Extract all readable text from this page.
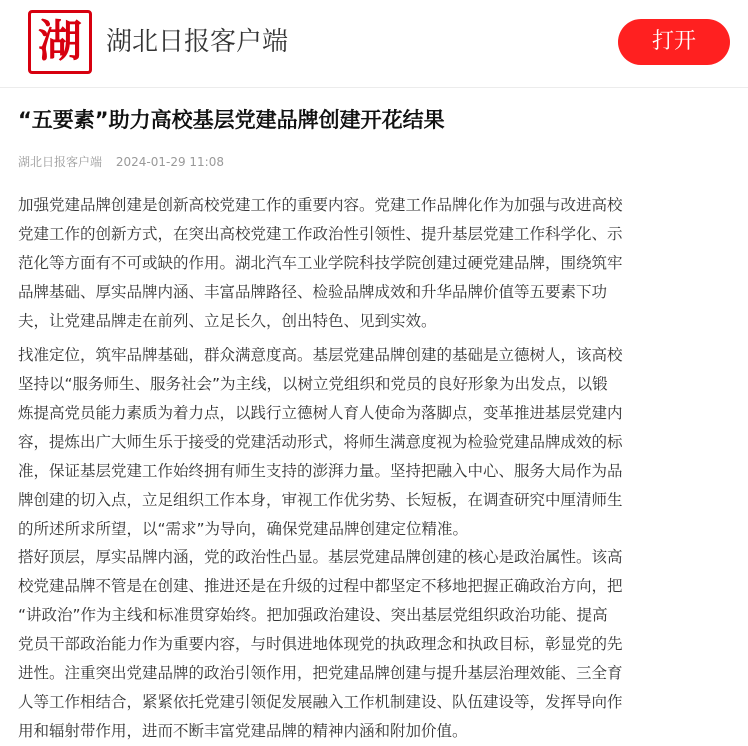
湖 湖北日报客户端	打开
“五要素”助力高校基层党建品牌创建开花结果
湖北日报客户端 2024-01-29 11:08
加强党建品牌创建是创新高校党建工作的重要内容。党建工作品牌化作为加强与改进高校
党建工作的创新方式，在突出高校党建工作政治性引领性、提升基层党建工作科学化、示
范化等方面有不可或缺的作用。湖北汽车工业学院科技学院创建过硬党建品牌，围绕筑牢
品牌基础、厚实品牌内涵、丰富品牌路径、检验品牌成效和升华品牌价值等五要素下功
夫，让党建品牌走在前列、立足长久，创出特色、见到实效。
找准定位，筑牢品牌基础，群众满意度高。基层党建品牌创建的基础是立德树人，该高校
坚持以“服务师生、服务社会”为主线，以树立党组织和党员的良好形象为出发点，以锻
炼提高党员能力素质为着力点，以践行立德树人育人使命为落脚点，变革推进基层党建内
容，提炼出广大师生乐于接受的党建活动形式，将师生满意度视为检验党建品牌成效的标
准，保证基层党建工作始终拥有师生支持的澎湃力量。坚持把融入中心、服务大局作为品
牌创建的切入点，立足组织工作本身，审视工作优劣势、长短板，在调查研究中厘清师生
的所述所求所望，以“需求”为导向，确保党建品牌创建定位精准。
搭好顶层，厚实品牌内涵，党的政治性凸显。基层党建品牌创建的核心是政治属性。该高
校党建品牌不管是在创建、推进还是在升级的过程中都坚定不移地把握正确政治方向，把
“讲政治”作为主线和标准贯穿始终。把加强政治建设、突出基层党组织政治功能、提高
党员干部政治能力作为重要内容，与时俱进地体现党的执政理念和执政目标，彰显党的先
进性。注重突出党建品牌的政治引领作用，把党建品牌创建与提升基层治理效能、三全育
人等工作相结合，紧紧依托党建引领促发展融入工作机制建设、队伍建设等，发挥导向作
用和辐射带作用，进而不断丰富党建品牌的精神内涵和附加价值。
